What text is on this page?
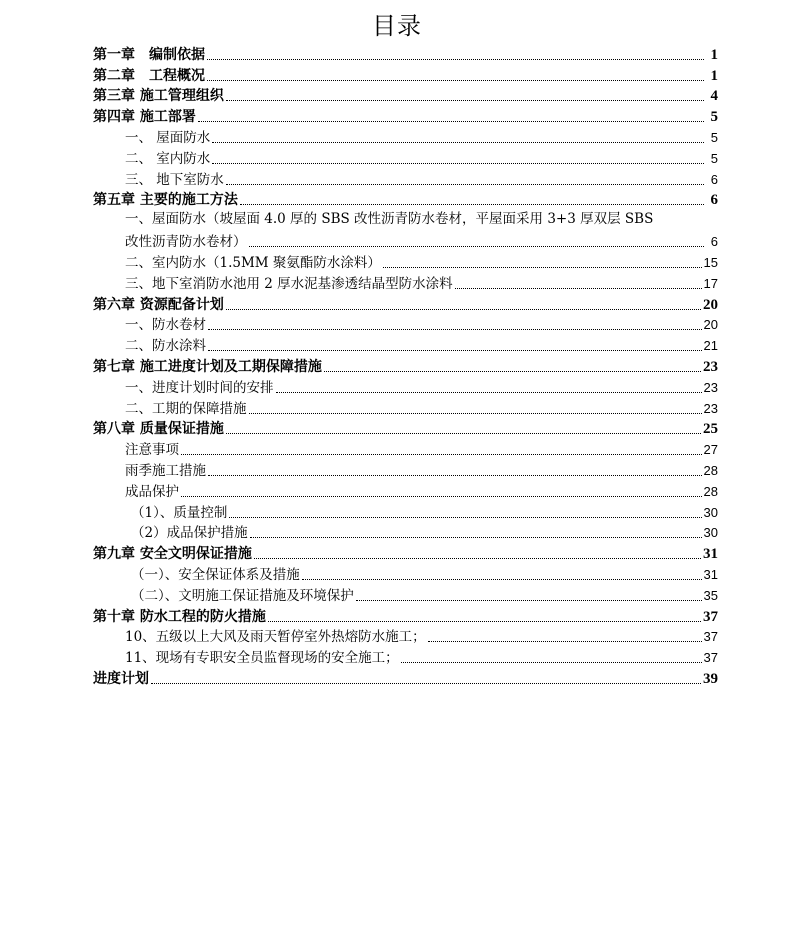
目录
第一章　编制依据	1
第二章　工程概况	1
第三章 施工管理组织	4
第四章 施工部署	5
一、 屋面防水	5
二、 室内防水	5
三、 地下室防水	6
第五章 主要的施工方法	6
一、屋面防水（坡屋面 4.0 厚的 SBS 改性沥青防水卷材，平屋面采用 3+3 厚双层 SBS
改性沥青防水卷材）	6
二、室内防水（1.5MM 聚氨酯防水涂料）	15
三、地下室消防水池用 2 厚水泥基渗透结晶型防水涂料	17
第六章 资源配备计划	20
一、防水卷材	20
二、防水涂料	21
第七章 施工进度计划及工期保障措施	23
一、进度计划时间的安排	23
二、工期的保障措施	23
第八章 质量保证措施	25
注意事项	27
雨季施工措施	28
成品保护	28
（1）、质量控制	30
（2）成品保护措施	30
第九章 安全文明保证措施	31
（一）、安全保证体系及措施	31
（二）、文明施工保证措施及环境保护	35
第十章 防水工程的防火措施	37
10、五级以上大风及雨天暂停室外热熔防水施工；	37
11、现场有专职安全员监督现场的安全施工；	37
进度计划	39
